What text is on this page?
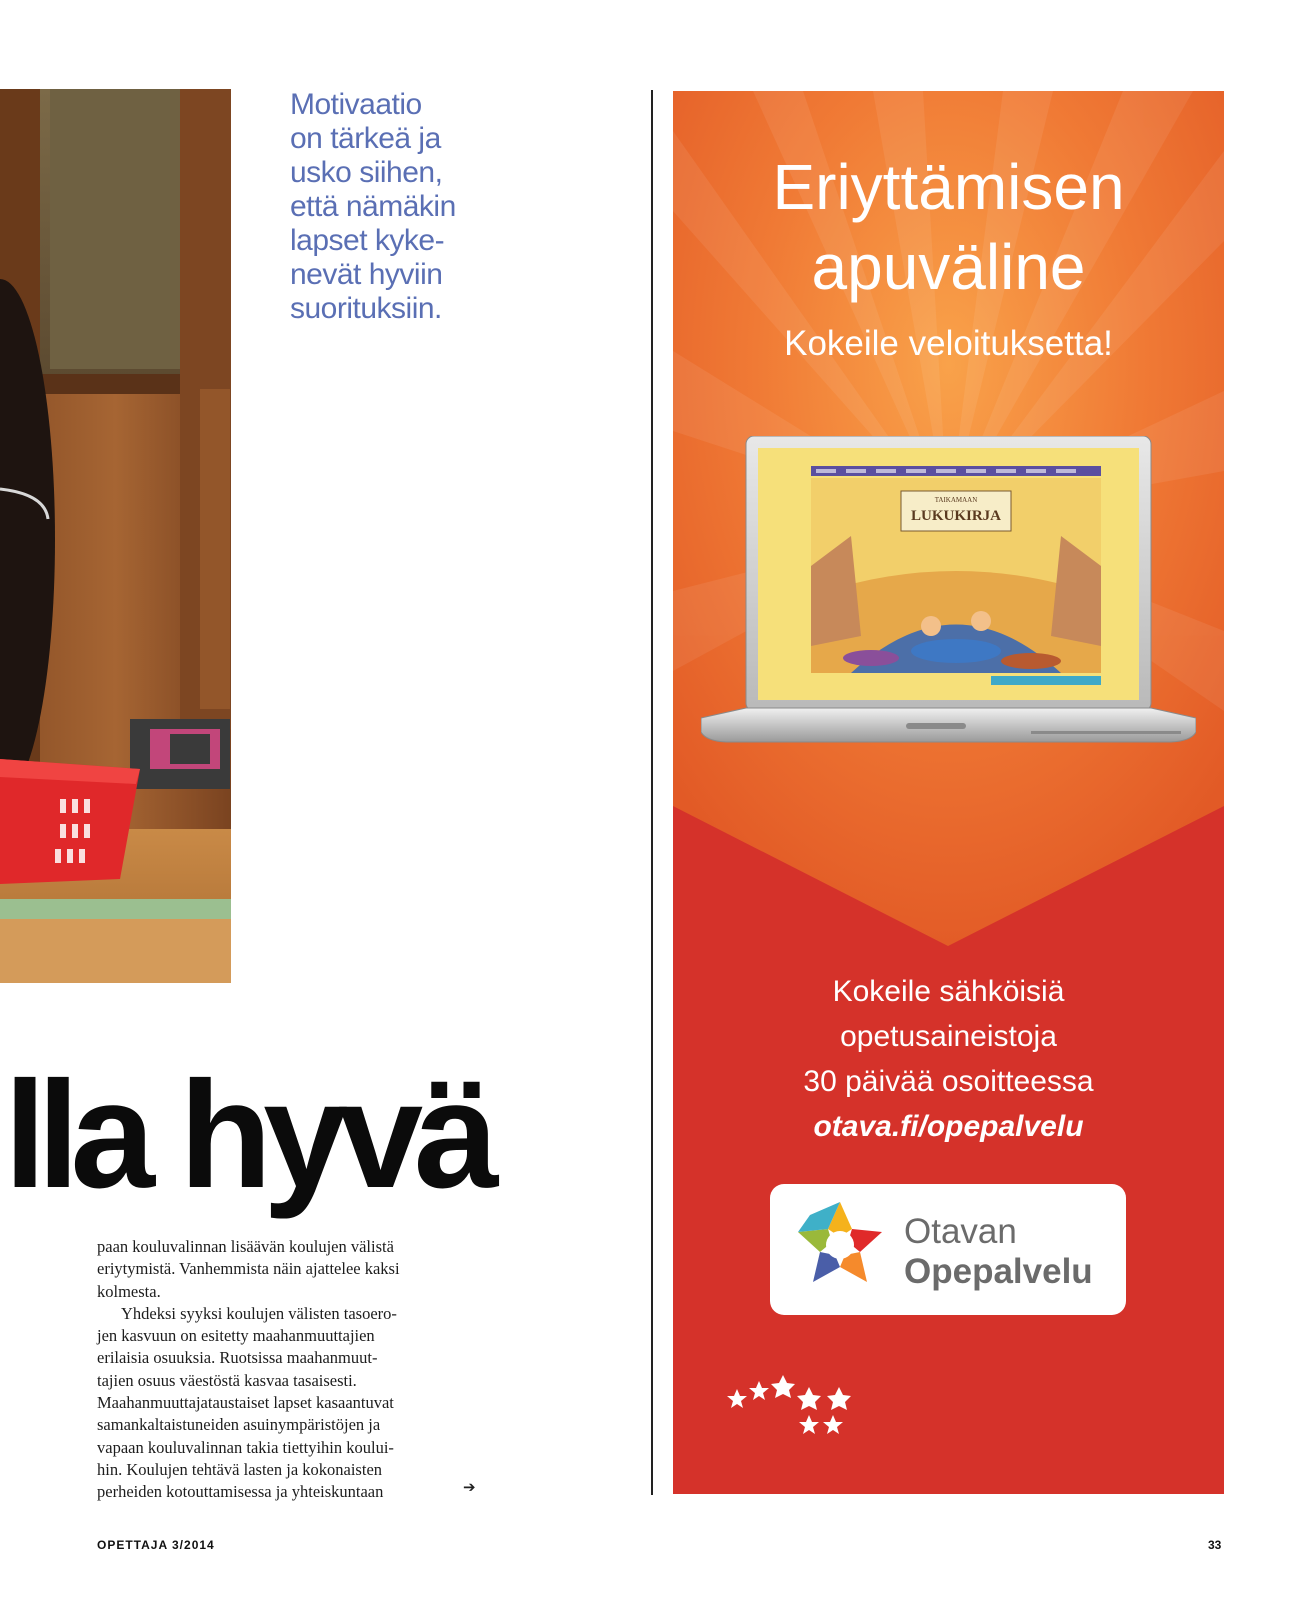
Motivaatio
on tärkeä ja
usko siihen,
että nämäkin
lapset kyke-
nevät hyviin
suorituksiin.
lla hyvä
paan kouluvalinnan lisäävän koulujen välistä
eriytymistä. Vanhemmista näin ajattelee kaksi
kolmesta.
Yhdeksi syyksi koulujen välisten tasoero-
jen kasvuun on esitetty maahanmuuttajien
erilaisia osuuksia. Ruotsissa maahanmuut-
tajien osuus väestöstä kasvaa tasaisesti.
Maahanmuuttajataustaiset lapset kasaantuvat
samankaltaistuneiden asuinympäristöjen ja
vapaan kouluvalinnan takia tiettyihin koului-
hin. Koulujen tehtävä lasten ja kokonaisten
perheiden kotouttamisessa ja yhteiskuntaan	➔
OPETTAJA 3/2014	33
Eriyttämisen
apuväline
Kokeile veloituksetta!
TAIKAMAAN
LUKUKIRJA
Kokeile sähköisiä
opetusaineistoja
30 päivää osoitteessa
otava.fi/opepalvelu
Otavan
Opepalvelu
